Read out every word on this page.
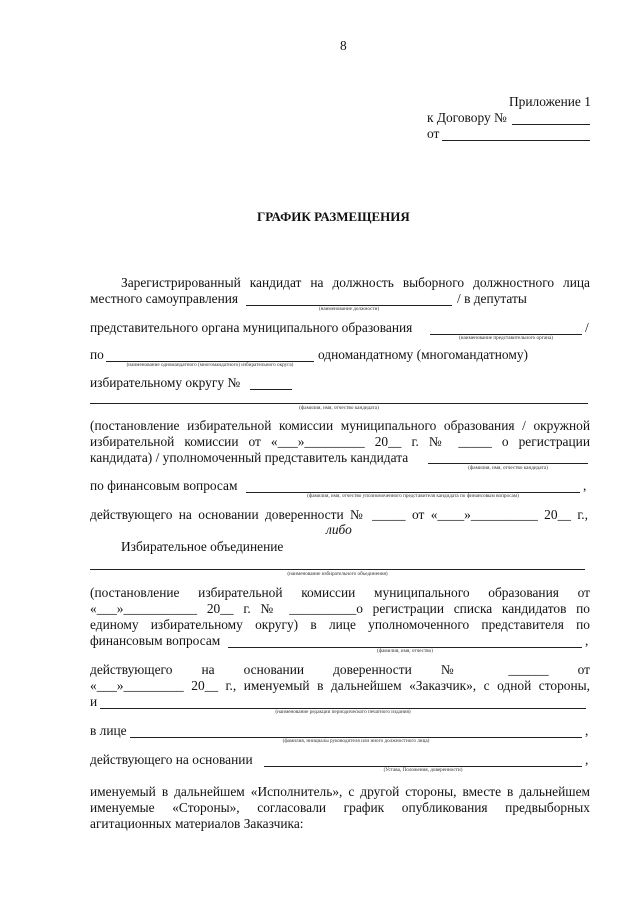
8
Приложение 1
к Договору №
от
ГРАФИК РАЗМЕЩЕНИЯ
Зарегистрированный кандидат на должность выборного должностного лица
местного самоуправления	/ в депутаты
(наименование должности)
представительного органа муниципального образования	/
(наименование представительного органа)
по	одномандатному (многомандатному)
(наименование одномандатного (многомандатного) избирательного округа)
избирательному округу №
(фамилия, имя, отчество кандидата)
(постановление избирательной комиссии муниципального образования / окружной
избирательной комиссии от «___»_________ 20__ г. № _____ о регистрации
кандидата) / уполномоченный представитель кандидата
(фамилия, имя, отчество кандидата)
по финансовым вопросам	,
(фамилия, имя, отчество уполномоченного представителя кандидата по финансовым вопросам)
действующего на основании доверенности № _____ от «____»__________ 20__ г.,
либо
Избирательное объединение
(наименование избирательного объединения)
(постановление избирательной комиссии муниципального образования от
«___»___________ 20__ г. № __________о регистрации списка кандидатов по
единому избирательному округу) в лице уполномоченного представителя по
финансовым вопросам	,
(фамилия, имя, отчество)
действующего на основании доверенности № ______ от
«___»_________ 20__ г., именуемый в дальнейшем «Заказчик», с одной стороны,
и
(наименование редакции периодического печатного издания)
в лице	,
(фамилия, инициалы руководителя или иного должностного лица)
действующего на основании	,
(Устава, Положения, доверенности)
именуемый в дальнейшем «Исполнитель», с другой стороны, вместе в дальнейшем
именуемые «Стороны», согласовали график опубликования предвыборных
агитационных материалов Заказчика:
